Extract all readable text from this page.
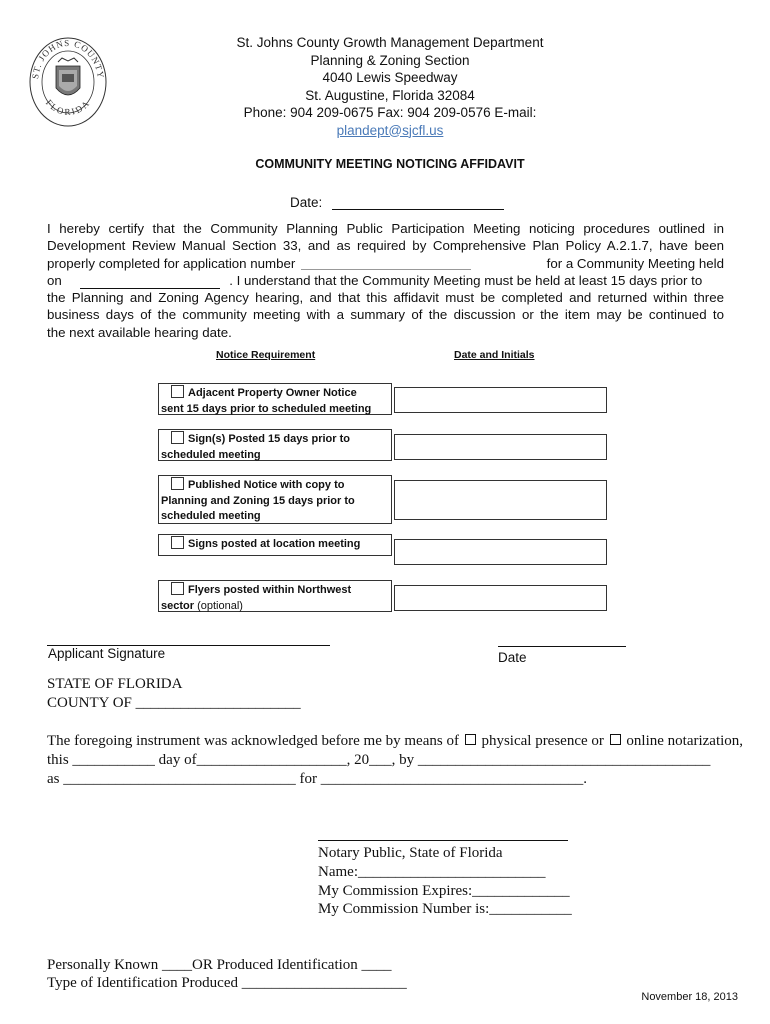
ST. JOHNS COUNTY
FLORIDA
St. Johns County Growth Management Department
Planning & Zoning Section
4040 Lewis Speedway
St. Augustine, Florida 32084
Phone: 904 209-0675 Fax: 904 209-0576 E-mail:
plandept@sjcfl.us
COMMUNITY MEETING NOTICING AFFIDAVIT
Date:
I hereby certify that the Community Planning Public Participation Meeting noticing procedures outlined in
Development Review Manual Section 33, and as required by Comprehensive Plan Policy A.2.1.7, have been
properly completed for application number	for a Community Meeting held
on	. I understand that the Community Meeting must be held at least 15 days prior to
the Planning and Zoning Agency hearing, and that this affidavit must be completed and returned within three
business days of the community meeting with a summary of the discussion or the item may be continued to
the next available hearing date.
Notice Requirement	Date and Initials
Adjacent Property Owner Notice
sent 15 days prior to scheduled meeting
Sign(s) Posted 15 days prior to
scheduled meeting
Published Notice with copy to
Planning and Zoning 15 days prior to
scheduled meeting
Signs posted at location meeting
Flyers posted within Northwest
sector (optional)
Applicant Signature	Date
STATE OF FLORIDA
COUNTY OF ______________________
The foregoing instrument was acknowledged before me by means of physical presence or online notarization,
this ___________ day of____________________, 20___, by _______________________________________
as _______________________________ for ___________________________________.
Notary Public, State of Florida
Name:_________________________
My Commission Expires:_____________
My Commission Number is:___________
Personally Known ____OR Produced Identification ____
Type of Identification Produced ______________________
November 18, 2013
